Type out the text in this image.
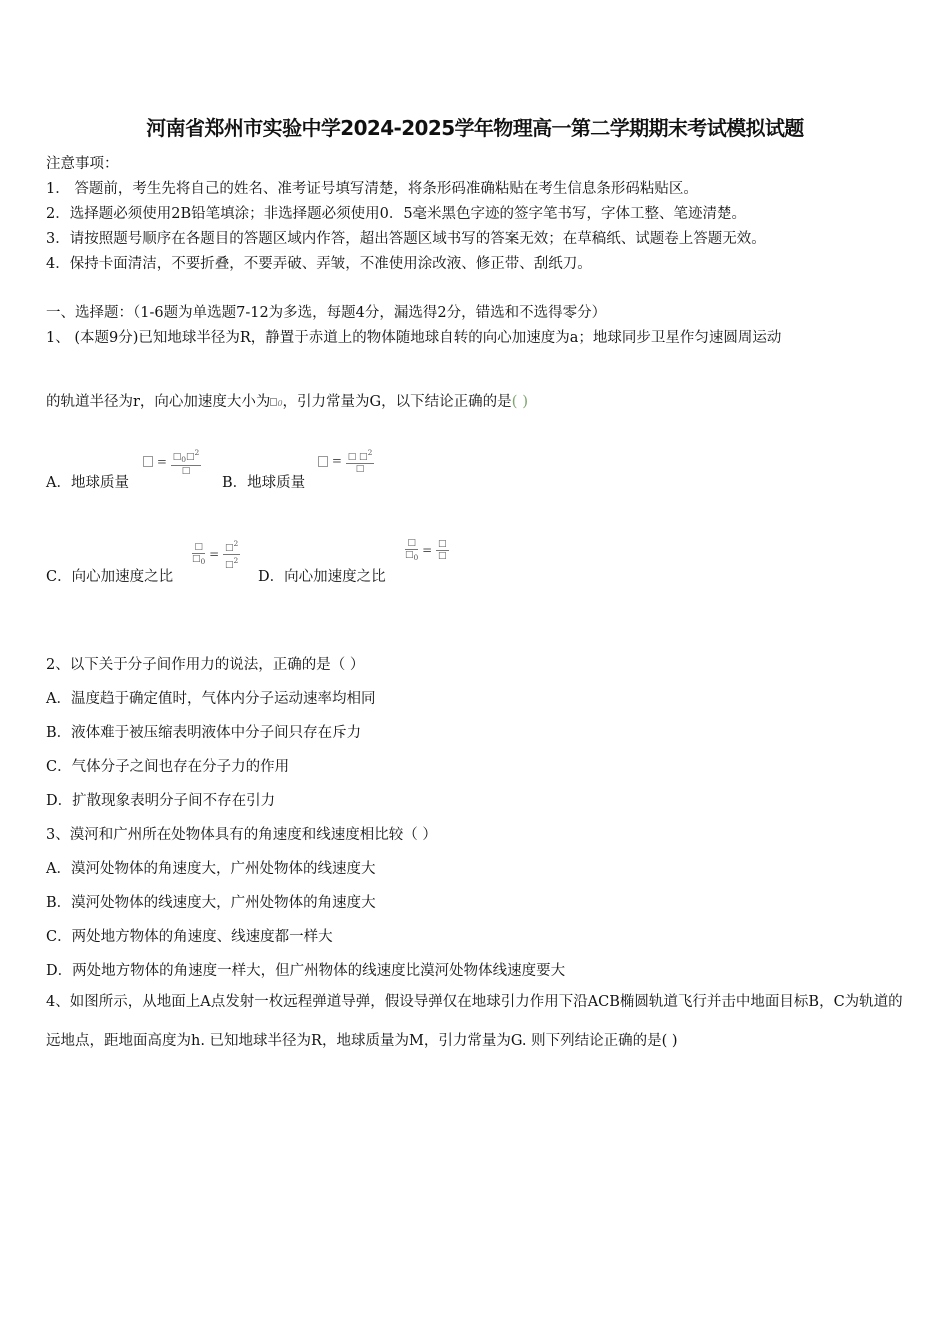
河南省郑州市实验中学2024-2025学年物理高一第二学期期末考试模拟试题
注意事项：
1． 答题前，考生先将自己的姓名、准考证号填写清楚，将条形码准确粘贴在考生信息条形码粘贴区。
2．选择题必须使用2B铅笔填涂；非选择题必须使用0．5毫米黑色字迹的签字笔书写，字体工整、笔迹清楚。
3．请按照题号顺序在各题目的答题区域内作答，超出答题区域书写的答案无效；在草稿纸、试题卷上答题无效。
4．保持卡面清洁，不要折叠，不要弄破、弄皱，不准使用涂改液、修正带、刮纸刀。
一、选择题：（1-6题为单选题7-12为多选，每题4分，漏选得2分，错选和不选得零分）
1、 (本题9分)已知地球半径为R，静置于赤道上的物体随地球自转的向心加速度为a；地球同步卫星作匀速圆周运动
的轨道半径为r，向心加速度大小为 0，引力常量为G，以下结论正确的是( )
A．地球质量
= $□_0□^2$
□
B．地球质量
= □ □$^2$
□
C．向心加速度之比
□
$□_0$
= $\frac{□^2}{□^2}$
D．向心加速度之比
□
$□_0$
= □
□
2、以下关于分子间作用力的说法，正确的是（ ）
A．温度趋于确定值时，气体内分子运动速率均相同
B．液体难于被压缩表明液体中分子间只存在斥力
C．气体分子之间也存在分子力的作用
D．扩散现象表明分子间不存在引力
3、漠河和广州所在处物体具有的角速度和线速度相比较（ ）
A．漠河处物体的角速度大，广州处物体的线速度大
B．漠河处物体的线速度大，广州处物体的角速度大
C．两处地方物体的角速度、线速度都一样大
D．两处地方物体的角速度一样大，但广州物体的线速度比漠河处物体线速度要大
4、如图所示，从地面上A点发射一枚远程弹道导弹，假设导弹仅在地球引力作用下沿ACB椭圆轨道飞行并击中地面目标B，C为轨道的远地点，距地面高度为h. 已知地球半径为R，地球质量为M，引力常量为G. 则下列结论正确的是( )
